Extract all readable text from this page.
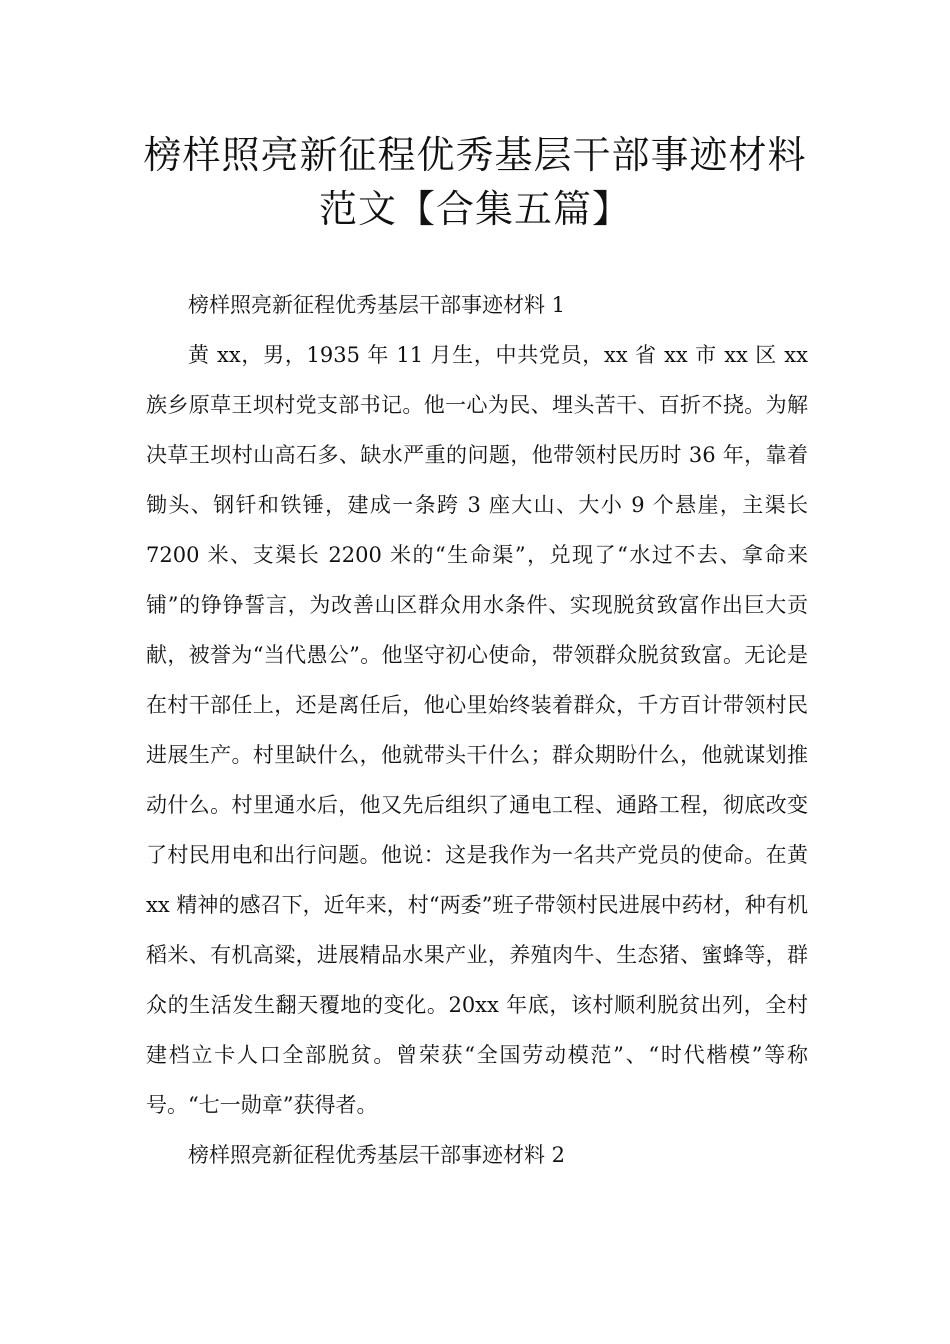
榜样照亮新征程优秀基层干部事迹材料
范文【合集五篇】

榜样照亮新征程优秀基层干部事迹材料 1

黄 xx，男，1935 年 11 月生，中共党员，xx 省 xx 市 xx 区 xx 族乡原草王坝村党支部书记。他一心为民、埋头苦干、百折不挠。为解决草王坝村山高石多、缺水严重的问题，他带领村民历时 36 年，靠着锄头、钢钎和铁锤，建成一条跨 3 座大山、大小 9 个悬崖，主渠长 7200 米、支渠长 2200 米的“生命渠”，兑现了“水过不去、拿命来铺”的铮铮誓言，为改善山区群众用水条件、实现脱贫致富作出巨大贡献，被誉为“当代愚公”。他坚守初心使命，带领群众脱贫致富。无论是在村干部任上，还是离任后，他心里始终装着群众，千方百计带领村民进展生产。村里缺什么，他就带头干什么；群众期盼什么，他就谋划推动什么。村里通水后，他又先后组织了通电工程、通路工程，彻底改变了村民用电和出行问题。他说：这是我作为一名共产党员的使命。在黄 xx 精神的感召下，近年来，村“两委”班子带领村民进展中药材，种有机稻米、有机高粱，进展精品水果产业，养殖肉牛、生态猪、蜜蜂等，群众的生活发生翻天覆地的变化。20xx 年底，该村顺利脱贫出列，全村建档立卡人口全部脱贫。曾荣获“全国劳动模范”、“时代楷模”等称号。“七一勋章”获得者。

榜样照亮新征程优秀基层干部事迹材料 2
